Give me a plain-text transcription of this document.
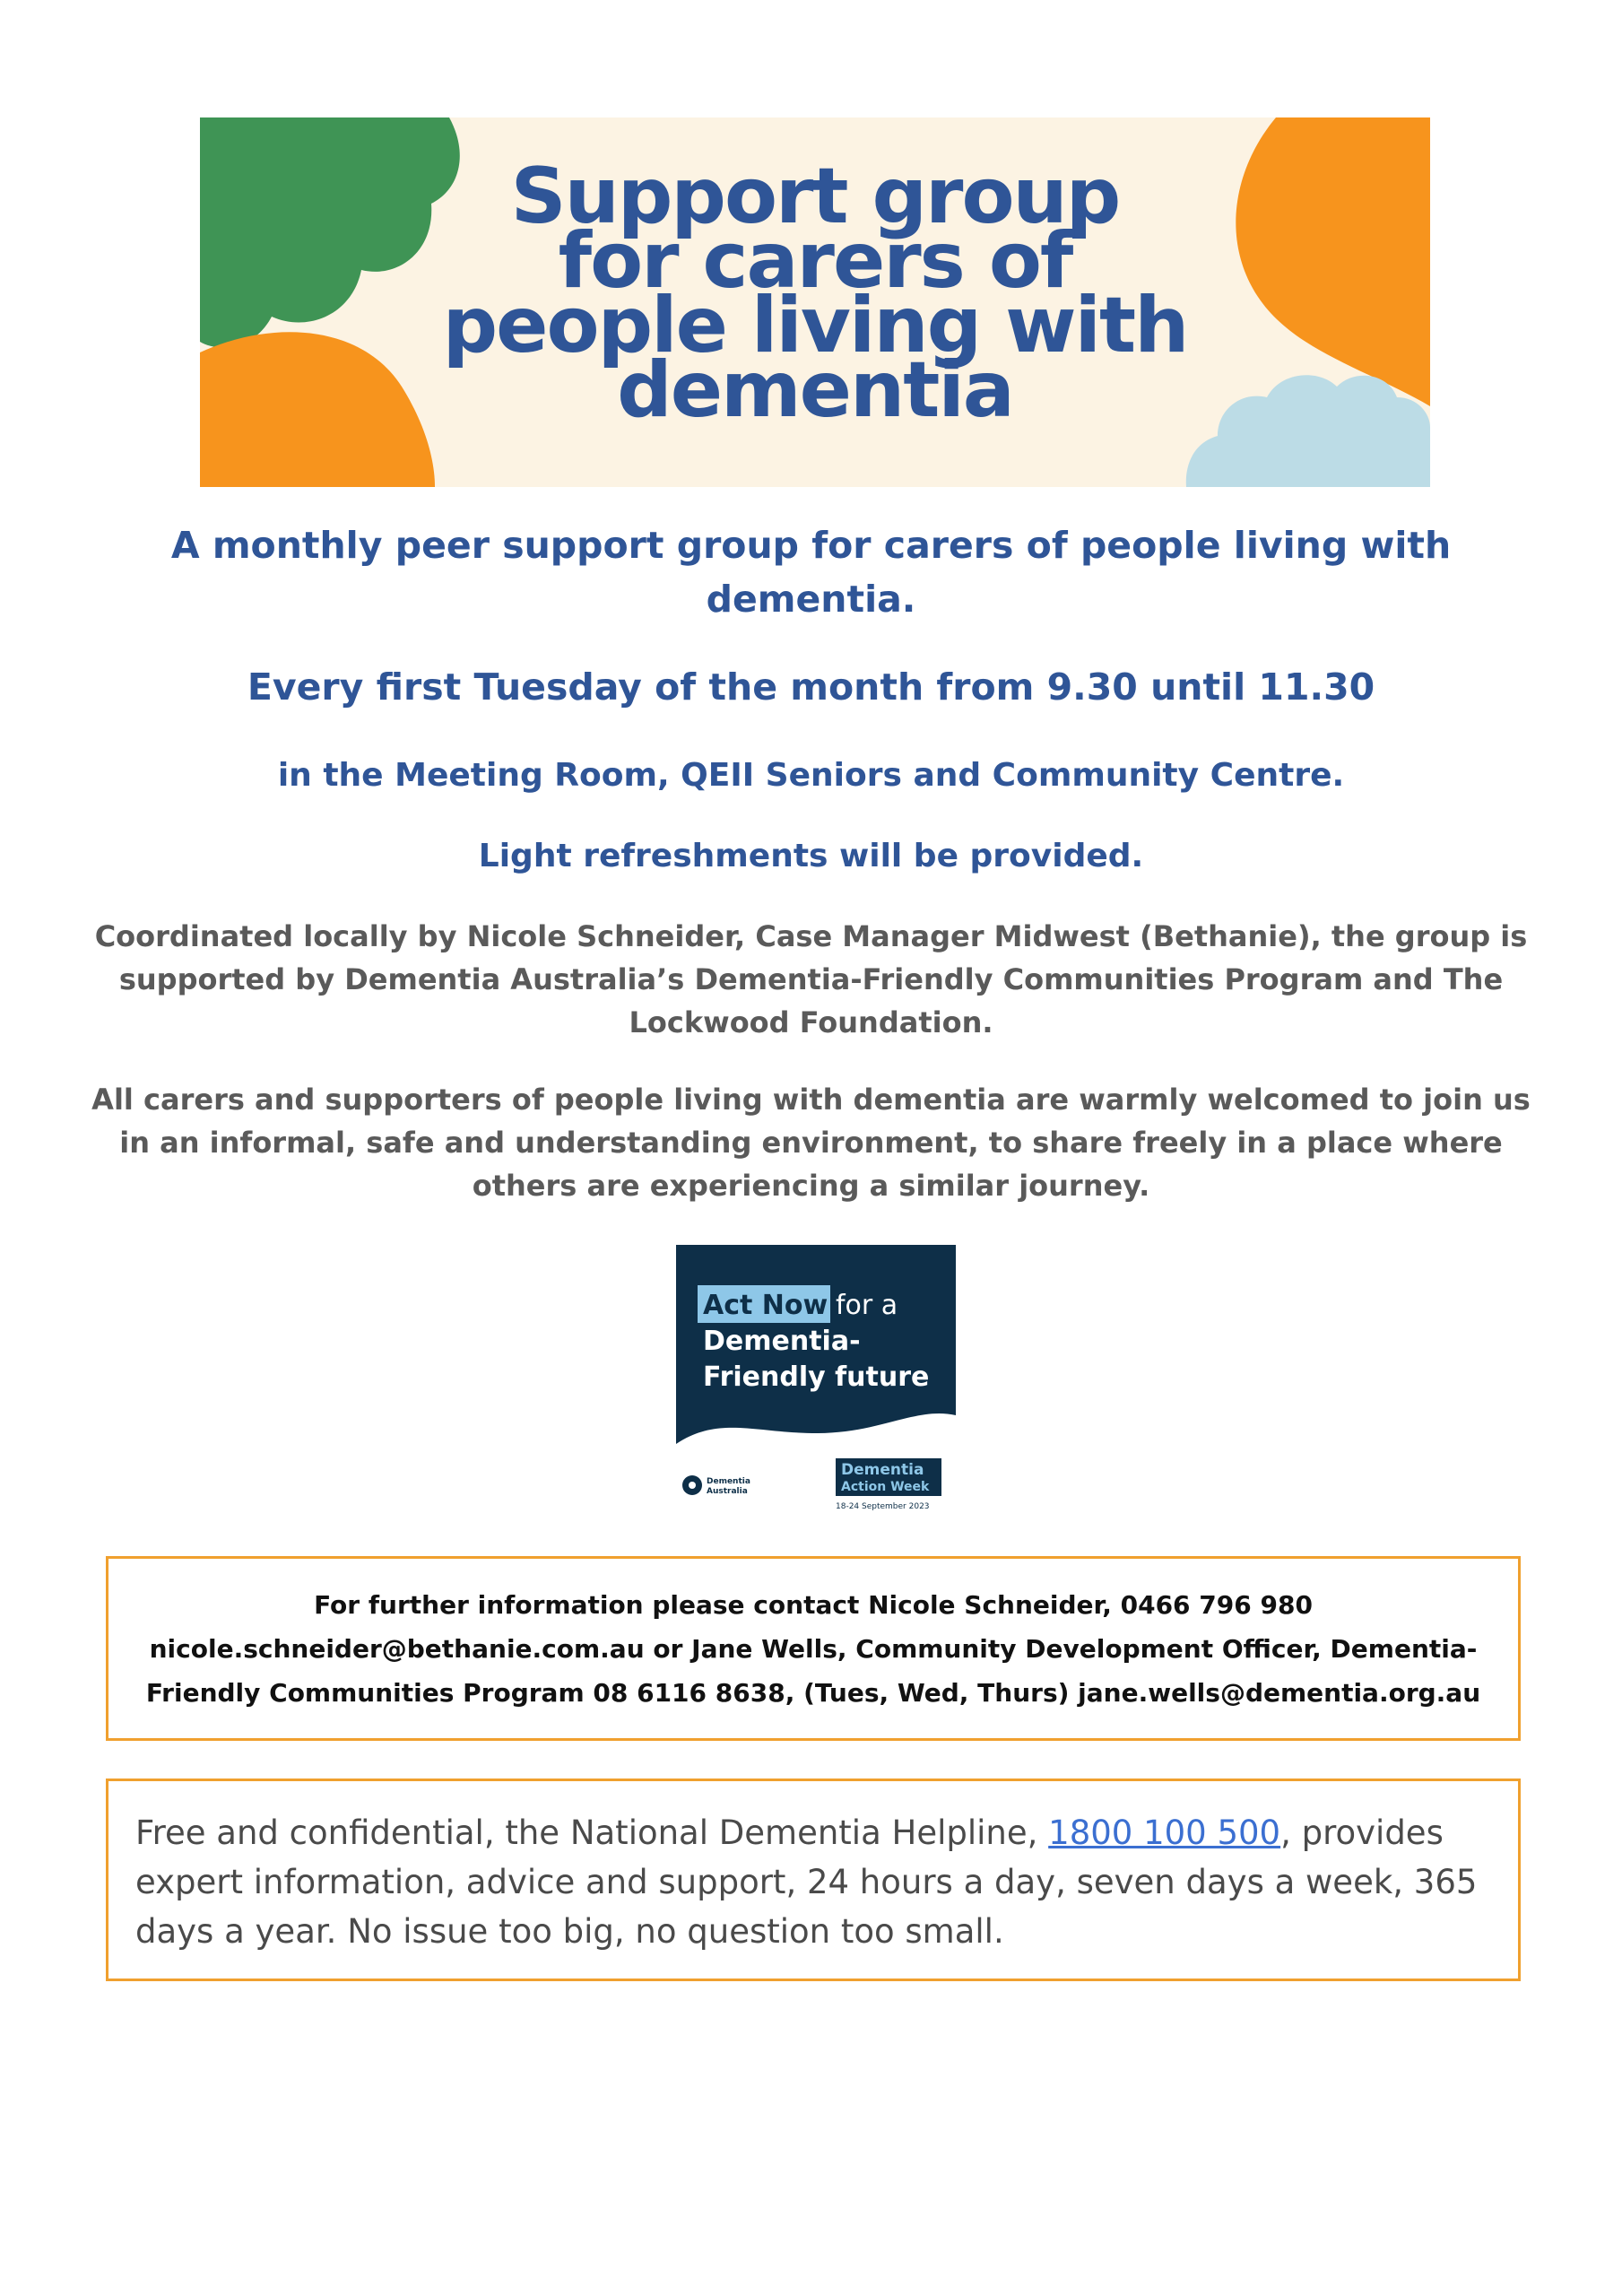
Support group
for carers of
people living with
dementia
A monthly peer support group for carers of people living with dementia.
Every first Tuesday of the month from 9.30 until 11.30
in the Meeting Room, QEII Seniors and Community Centre.
Light refreshments will be provided.
Coordinated locally by Nicole Schneider, Case Manager Midwest (Bethanie), the group is supported by Dementia Australia’s Dementia-Friendly Communities Program and The Lockwood Foundation.
All carers and supporters of people living with dementia are warmly welcomed to join us in an informal, safe and understanding environment, to share freely in a place where others are experiencing a similar journey.
Act Now for a
Dementia-
Friendly future
Dementia
Australia
Dementia
Action Week
18-24 September 2023
For further information please contact Nicole Schneider, 0466 796 980 nicole.schneider@bethanie.com.au or Jane Wells, Community Development Officer, Dementia-Friendly Communities Program 08 6116 8638, (Tues, Wed, Thurs) jane.wells@dementia.org.au
Free and confidential, the National Dementia Helpline, 1800 100 500, provides expert information, advice and support, 24 hours a day, seven days a week, 365 days a year. No issue too big, no question too small.
